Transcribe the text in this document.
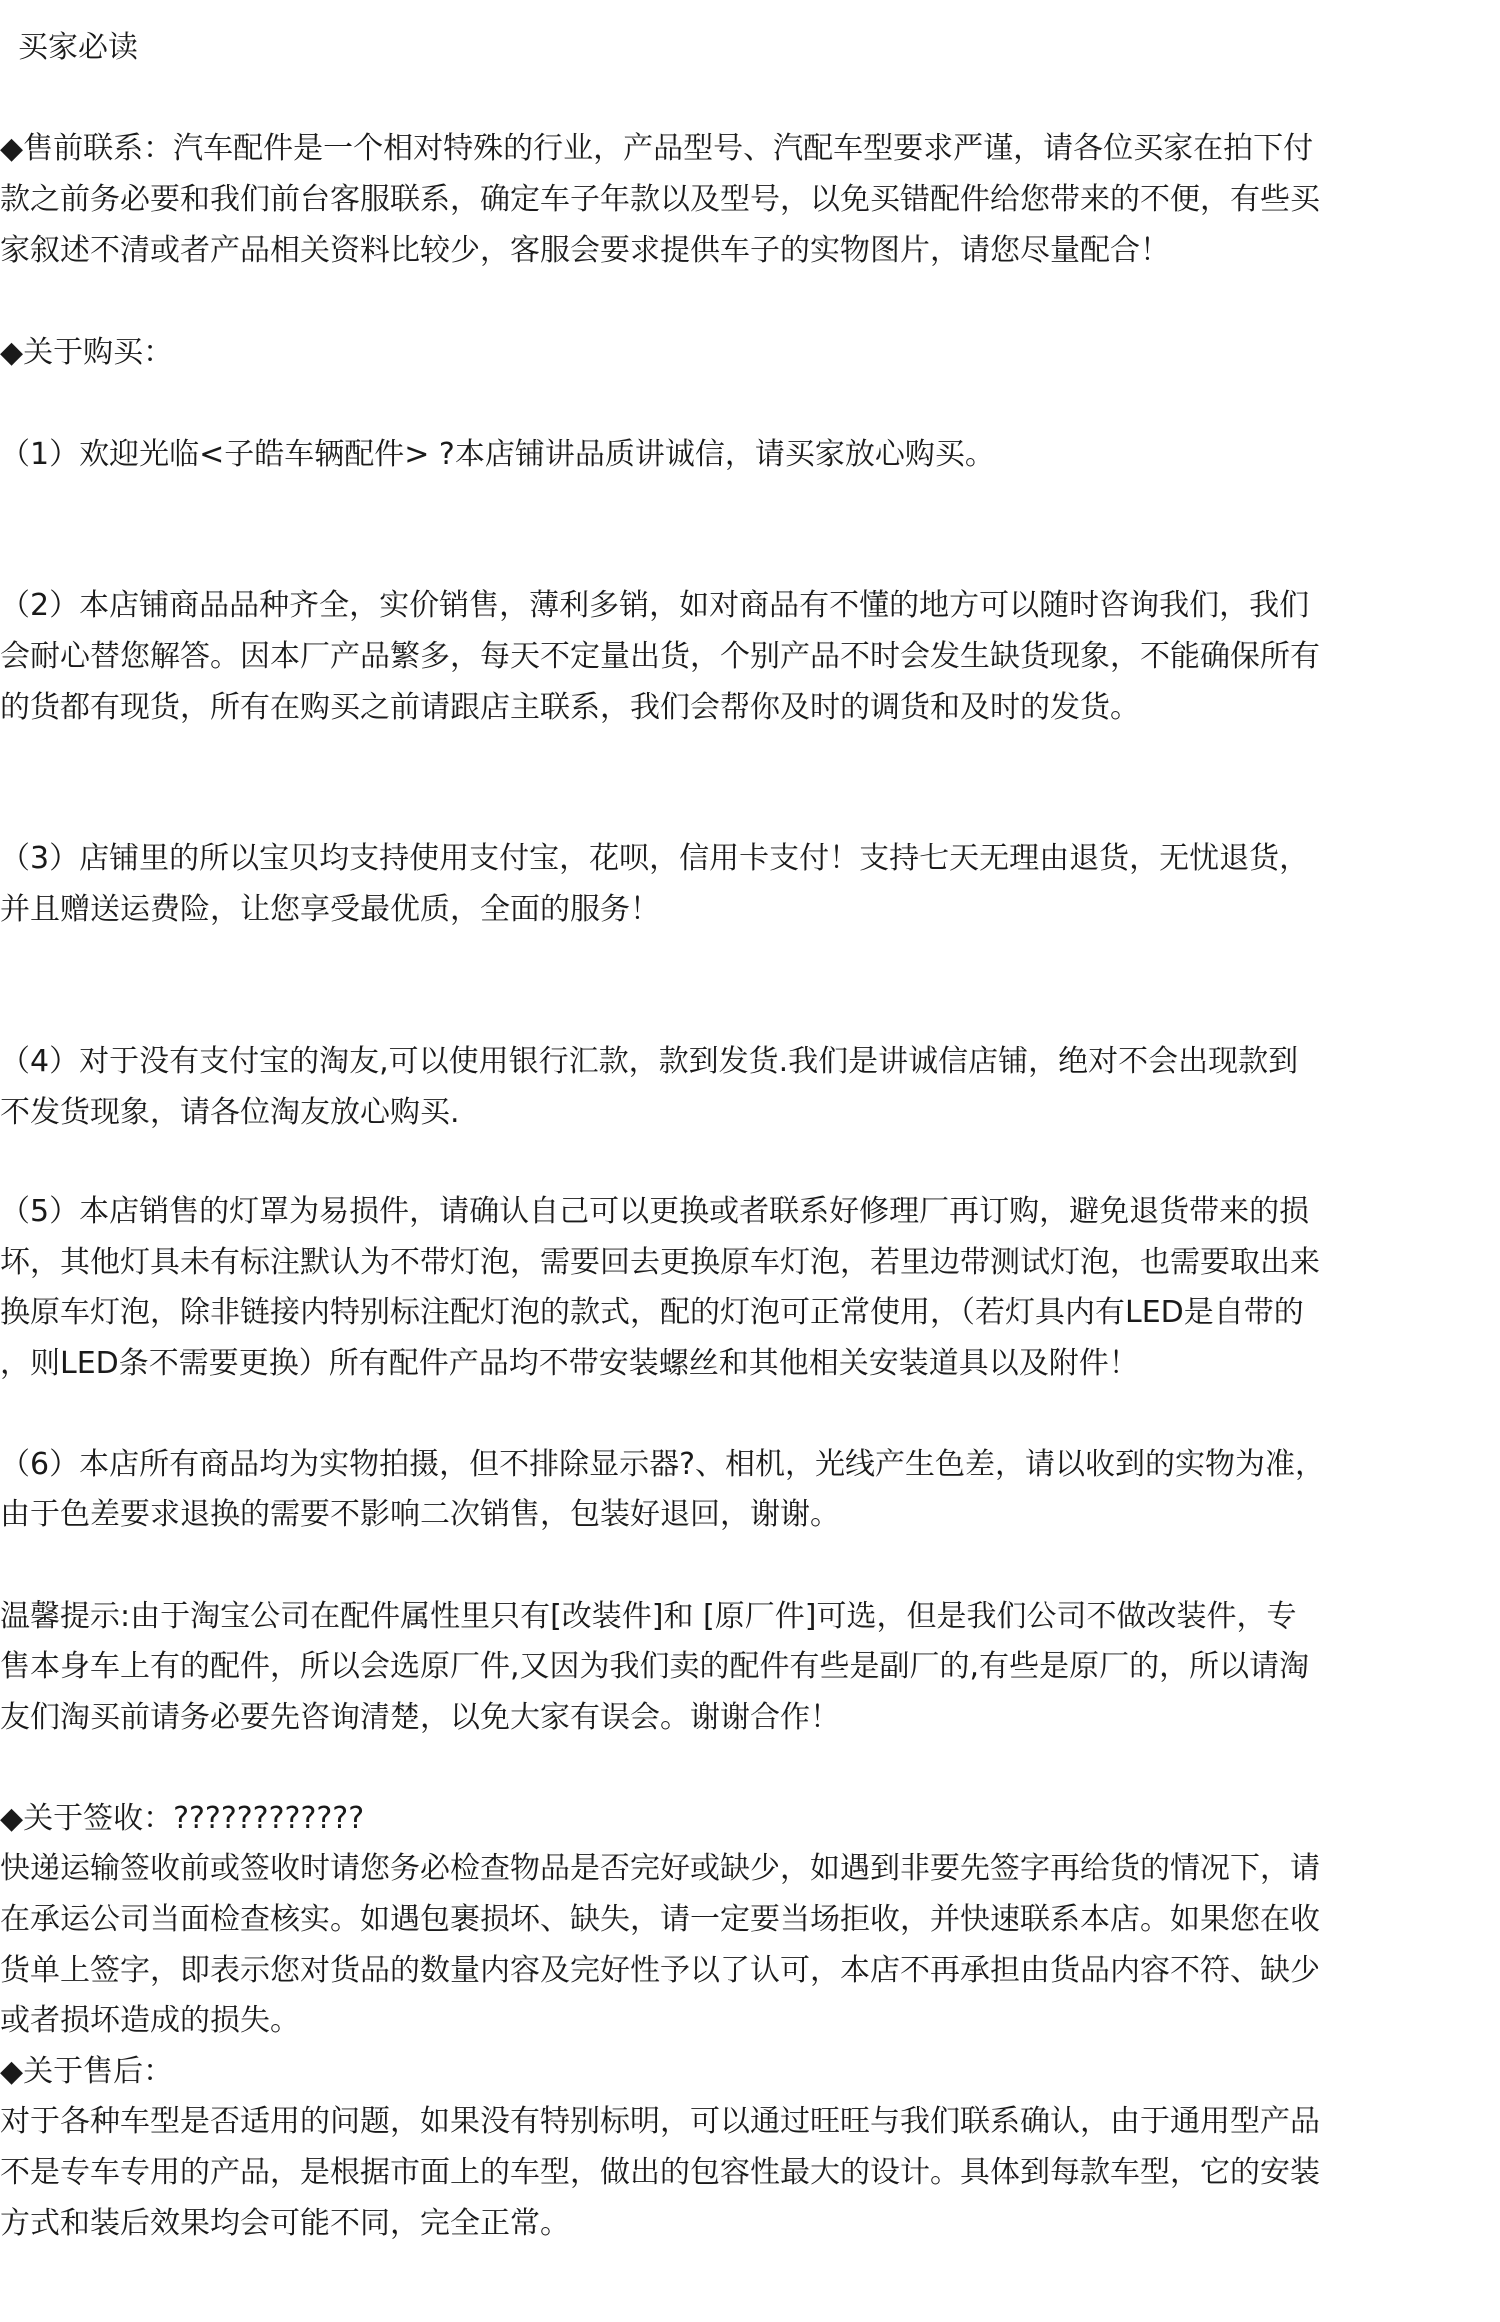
买家必读
◆售前联系：汽车配件是一个相对特殊的行业，产品型号、汽配车型要求严谨，请各位买家在拍下付
款之前务必要和我们前台客服联系，确定车子年款以及型号，以免买错配件给您带来的不便，有些买
家叙述不清或者产品相关资料比较少，客服会要求提供车子的实物图片，请您尽量配合！
◆关于购买：
（1）欢迎光临<子皓车辆配件> ?本店铺讲品质讲诚信，请买家放心购买。
（2）本店铺商品品种齐全，实价销售，薄利多销，如对商品有不懂的地方可以随时咨询我们，我们
会耐心替您解答。因本厂产品繁多，每天不定量出货，个别产品不时会发生缺货现象，不能确保所有
的货都有现货，所有在购买之前请跟店主联系，我们会帮你及时的调货和及时的发货。
（3）店铺里的所以宝贝均支持使用支付宝，花呗，信用卡支付！支持七天无理由退货，无忧退货，
并且赠送运费险，让您享受最优质，全面的服务！
（4）对于没有支付宝的淘友,可以使用银行汇款，款到发货.我们是讲诚信店铺，绝对不会出现款到
不发货现象，请各位淘友放心购买.
（5）本店销售的灯罩为易损件，请确认自己可以更换或者联系好修理厂再订购，避免退货带来的损
坏，其他灯具未有标注默认为不带灯泡，需要回去更换原车灯泡，若里边带测试灯泡，也需要取出来
换原车灯泡，除非链接内特别标注配灯泡的款式，配的灯泡可正常使用，（若灯具内有LED是自带的
，则LED条不需要更换）所有配件产品均不带安装螺丝和其他相关安装道具以及附件！
（6）本店所有商品均为实物拍摄，但不排除显示器?、相机，光线产生色差，请以收到的实物为准，
由于色差要求退换的需要不影响二次销售，包装好退回，谢谢。
温馨提示:由于淘宝公司在配件属性里只有[改装件]和 [原厂件]可选，但是我们公司不做改装件，专
售本身车上有的配件，所以会选原厂件,又因为我们卖的配件有些是副厂的,有些是原厂的，所以请淘
友们淘买前请务必要先咨询清楚，以免大家有误会。谢谢合作！
◆关于签收：????????????
快递运输签收前或签收时请您务必检查物品是否完好或缺少，如遇到非要先签字再给货的情况下，请
在承运公司当面检查核实。如遇包裹损坏、缺失，请一定要当场拒收，并快速联系本店。如果您在收
货单上签字，即表示您对货品的数量内容及完好性予以了认可，本店不再承担由货品内容不符、缺少
或者损坏造成的损失。
◆关于售后：
对于各种车型是否适用的问题，如果没有特别标明，可以通过旺旺与我们联系确认，由于通用型产品
不是专车专用的产品，是根据市面上的车型，做出的包容性最大的设计。具体到每款车型，它的安装
方式和装后效果均会可能不同，完全正常。
